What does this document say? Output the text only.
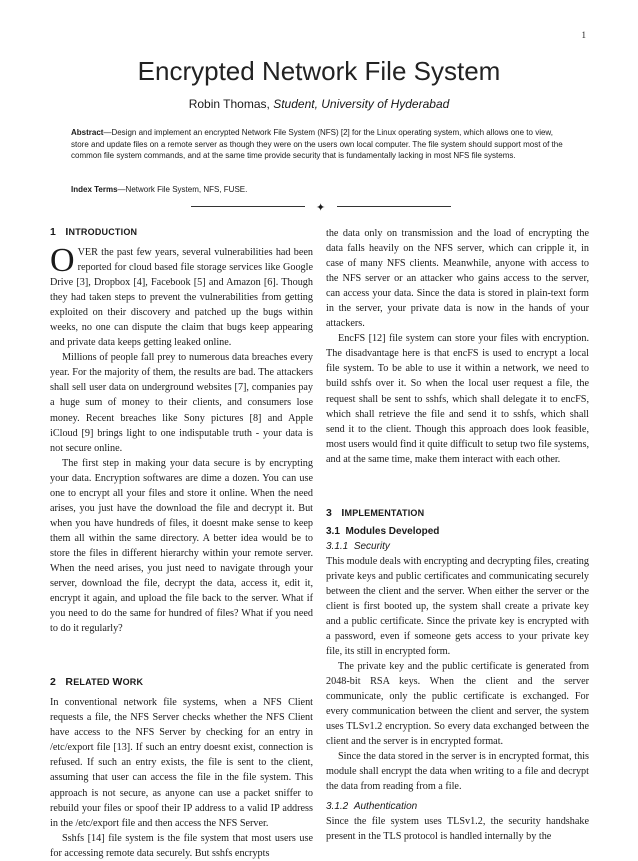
1
Encrypted Network File System
Robin Thomas, Student, University of Hyderabad
Abstract—Design and implement an encrypted Network File System (NFS) [2] for the Linux operating system, which allows one to view, store and update files on a remote server as though they were on the users own local computer. The file system should support most of the common file system commands, and at the same time provide security that is fundamentally lacking in most NFS file systems.
Index Terms—Network File System, NFS, FUSE.
✦
1 INTRODUCTION

OVER the past few years, several vulnerabilities had been reported for cloud based file storage services like Google Drive [3], Dropbox [4], Facebook [5] and Amazon [6]. Though they had taken steps to prevent the vulnerabilities from getting exploited on their discovery and patched up the bugs within weeks, no one can dispute the claim that bugs keep appearing and private data keeps getting leaked online.

Millions of people fall prey to numerous data breaches every year. For the majority of them, the results are bad. The attackers shall sell user data on underground websites [7], companies pay a huge sum of money to their clients, and consumers lose money. Recent breaches like Sony pictures [8] and Apple iCloud [9] brings light to one indisputable truth - your data is not secure online.

The first step in making your data secure is by encrypting your data. Encryption softwares are dime a dozen. You can use one to encrypt all your files and store it online. When the need arises, you just have the download the file and decrypt it. But when you have hundreds of files, it doesnt make sense to keep them all within the same directory. A better idea would be to store the files in different hierarchy within your remote server. When the need arises, you just need to navigate through your server, download the file, decrypt the data, access it, edit it, encrypt it again, and upload the file back to the server. What if you need to do the same for hundred of files? What if you need to do it regularly?

2 RELATED WORK

In conventional network file systems, when a NFS Client requests a file, the NFS Server checks whether the NFS Client have access to the NFS Server by checking for an entry in /etc/export file [13]. If such an entry doesnt exist, connection is refused. If such an entry exists, the file is sent to the client, assuming that user can access the file in the file system. This approach is not secure, as anyone can use a packet sniffer to rebuild your files or spoof their IP address to a valid IP address in the /etc/export file and then access the NFS Server.

Sshfs [14] file system is the file system that most users use for accessing remote data securely. But sshfs encrypts

the data only on transmission and the load of encrypting the data falls heavily on the NFS server, which can cripple it, in case of many NFS clients. Meanwhile, anyone with access to the NFS server or an attacker who gains access to the server, can access your data. Since the data is stored in plain-text form in the server, your private data is now in the hands of your attackers.

EncFS [12] file system can store your files with encryption. The disadvantage here is that encFS is used to encrypt a local file system. To be able to use it within a network, we need to build sshfs over it. So when the local user request a file, the request shall be sent to sshfs, which shall delegate it to encFS, which shall retrieve the file and send it to sshfs, which shall send it to the client. Though this approach does look feasible, most users would find it quite difficult to setup two file systems, and at the same time, make them interact with each other.

3 IMPLEMENTATION
3.1 Modules Developed
3.1.1 Security

This module deals with encrypting and decrypting files, creating private keys and public certificates and communicating securely between the client and the server. When either the server or the client is first booted up, the system shall create a private key and a public certificate. Since the private key is encrypted with a password, even if someone gets access to your private key file, its still in encrypted form.

The private key and the public certificate is generated from 2048-bit RSA keys. When the client and the server communicate, only the public certificate is exchanged. For every communication between the client and server, the system uses TLSv1.2 encryption. So every data exchanged between the client and the server is in encrypted format.

Since the data stored in the server is in encrypted format, this module shall encrypt the data when writing to a file and decrypt the data from reading from a file.

3.1.2 Authentication

Since the file system uses TLSv1.2, the security handshake present in the TLS protocol is handled internally by the
